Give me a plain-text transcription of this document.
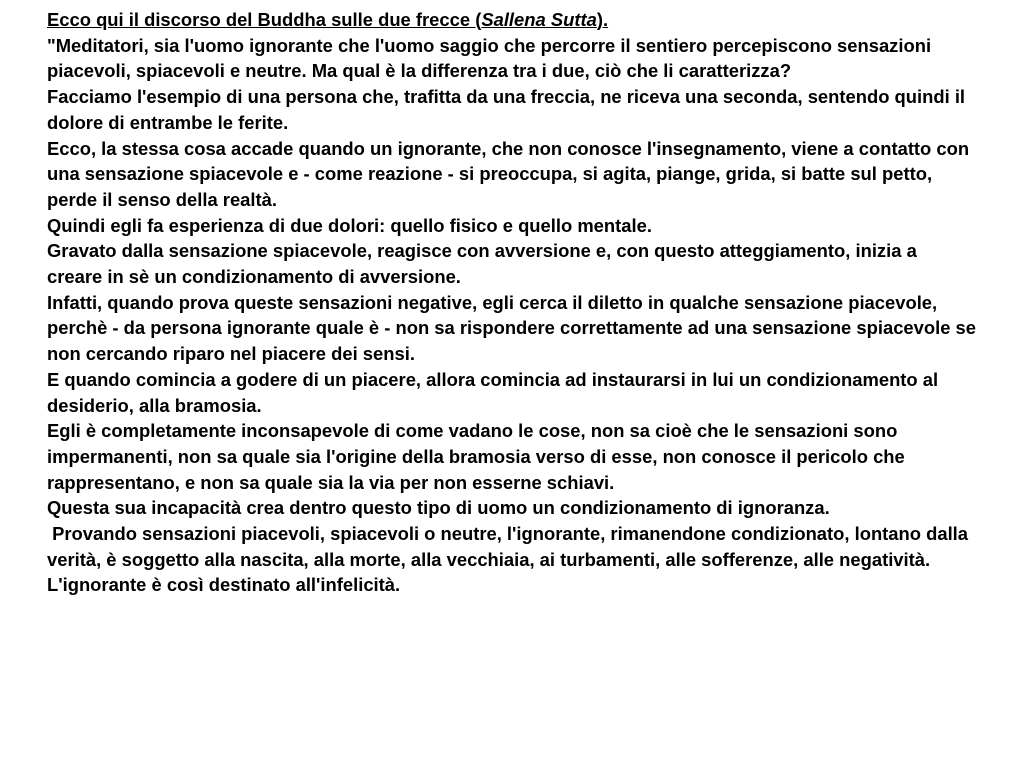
Ecco qui il discorso del Buddha sulle due frecce (Sallena Sutta).

"Meditatori, sia l'uomo ignorante che l'uomo saggio che percorre il sentiero percepiscono sensazioni piacevoli, spiacevoli e neutre. Ma qual è la differenza tra i due, ciò che li caratterizza?

Facciamo l'esempio di una persona che, trafitta da una freccia, ne riceva una seconda, sentendo quindi il dolore di entrambe le ferite.

Ecco, la stessa cosa accade quando un ignorante, che non conosce l'insegnamento, viene a contatto con una sensazione spiacevole e - come reazione - si preoccupa, si agita, piange, grida, si batte sul petto, perde il senso della realtà.

Quindi egli fa esperienza di due dolori: quello fisico e quello mentale.

Gravato dalla sensazione spiacevole, reagisce con avversione e, con questo atteggiamento, inizia a creare in sè un condizionamento di avversione.

Infatti, quando prova queste sensazioni negative, egli cerca il diletto in qualche sensazione piacevole, perchè - da persona ignorante quale è - non sa rispondere correttamente ad una sensazione spiacevole se non cercando riparo nel piacere dei sensi.

E quando comincia a godere di un piacere, allora comincia ad instaurarsi in lui un condizionamento al desiderio, alla bramosia.

Egli è completamente inconsapevole di come vadano le cose, non sa cioè che le sensazioni sono impermanenti, non sa quale sia l'origine della bramosia verso di esse, non conosce il pericolo che rappresentano, e non sa quale sia la via per non esserne schiavi.

Questa sua incapacità crea dentro questo tipo di uomo un condizionamento di ignoranza.

Provando sensazioni piacevoli, spiacevoli o neutre, l'ignorante, rimanendone condizionato, lontano dalla verità, è soggetto alla nascita, alla morte, alla vecchiaia, ai turbamenti, alle sofferenze, alle negatività.

L'ignorante è così destinato all'infelicità.
